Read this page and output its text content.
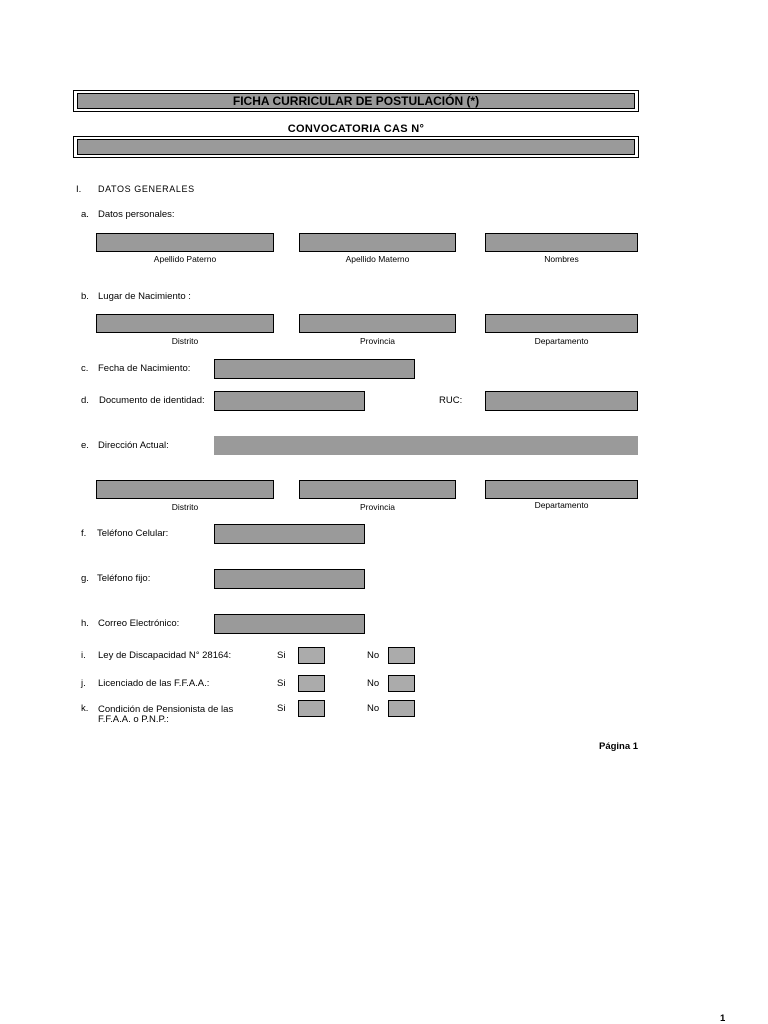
FICHA CURRICULAR DE POSTULACIÓN (*)
CONVOCATORIA CAS N°
I. DATOS GENERALES
a. Datos personales:
Apellido Paterno	Apellido Materno	Nombres
b. Lugar de Nacimiento :
Distrito	Provincia	Departamento
c. Fecha de Nacimiento:
d. Documento de identidad:	RUC:
e. Dirección Actual:
Distrito	Provincia	Departamento
f. Teléfono Celular:
g. Teléfono fijo:
h. Correo Electrónico:
i. Ley de Discapacidad N° 28164:	Si	No
j. Licenciado de las F.F.A.A.:	Si	No
k. Condición de Pensionista de las
F.F.A.A. o P.N.P.:
Si	No
Página 1
1
